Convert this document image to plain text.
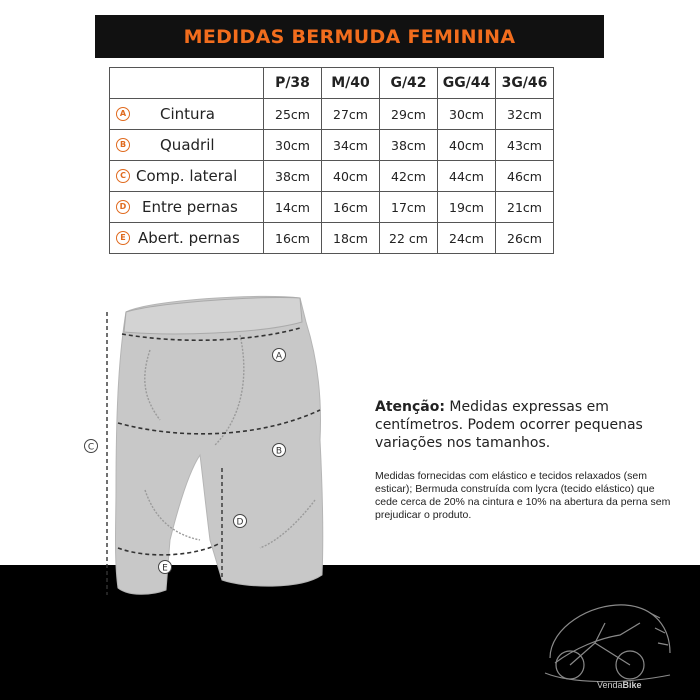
MEDIDAS BERMUDA FEMININA
	P/38	M/40	G/42	GG/44	3G/46
A Cintura	25cm	27cm	29cm	30cm	32cm
B Quadril	30cm	34cm	38cm	40cm	43cm
C Comp. lateral	38cm	40cm	42cm	44cm	46cm
D Entre pernas	14cm	16cm	17cm	19cm	21cm
E Abert. pernas	16cm	18cm	22 cm	24cm	26cm
A
B
C
D
E
Atenção: Medidas expressas em centímetros. Podem ocorrer pequenas variações nos tamanhos.
Medidas fornecidas com elástico e tecidos relaxados (sem esticar); Bermuda construída com lycra (tecido elástico) que cede cerca de 20% na cintura e 10% na abertura da perna sem prejudicar o produto.
VendaBike
